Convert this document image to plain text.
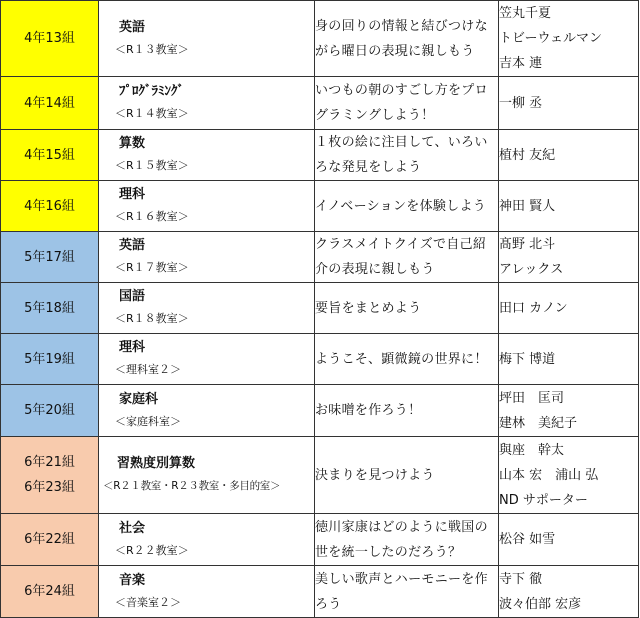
4年13組	英語
＜R１３教室＞	身の回りの情報と結びつけながら曜日の表現に親しもう	笠丸千夏
トビーウェルマン
吉本 連

4年14組	ﾌﾟﾛｸﾞﾗﾐﾝｸﾞ
＜R１４教室＞	いつもの朝のすごし方をプログラミングしよう！	一柳 丞

4年15組	算数
＜R１５教室＞	１枚の絵に注目して、いろいろな発見をしよう	植村 友紀

4年16組	理科
＜R１６教室＞	イノベーションを体験しよう	神田 賢人

5年17組	英語
＜R１７教室＞	クラスメイトクイズで自己紹介の表現に親しもう	髙野 北斗
アレックス

5年18組	国語
＜R１８教室＞	要旨をまとめよう	田口 カノン

5年19組	理科
＜理科室２＞	ようこそ、顕微鏡の世界に！	梅下 博道

5年20組	家庭科
＜家庭科室＞	お味噌を作ろう！	坪田　匡司
建林　美紀子

6年21組
6年23組	習熟度別算数
＜R２１教室・R２３教室・多目的室＞	決まりを見つけよう	與座　幹太
山本 宏　浦山 弘
ND サポーター

6年22組	社会
＜R２２教室＞	徳川家康はどのように戦国の世を統一したのだろう？	松谷 如雪

6年24組	音楽
＜音楽室２＞	美しい歌声とハーモニーを作ろう	寺下 徹
波々伯部 宏彦
